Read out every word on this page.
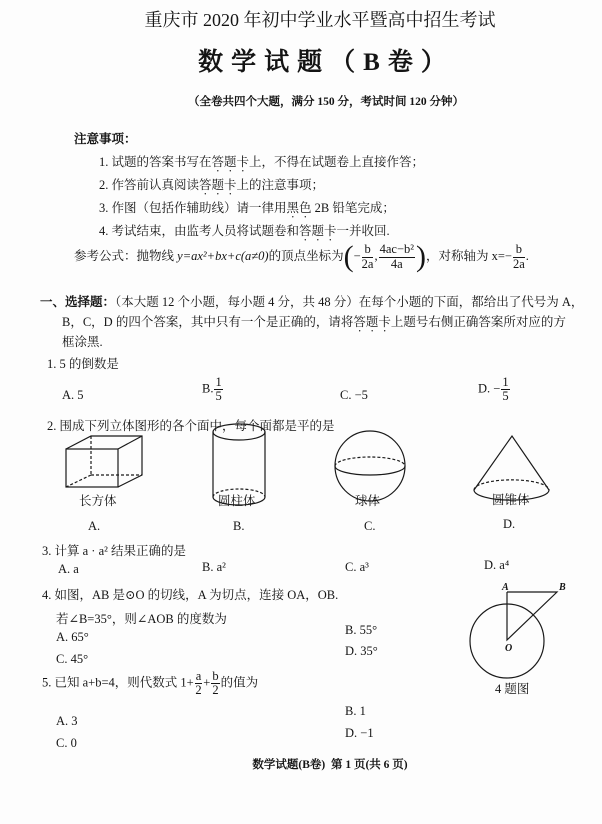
重庆市 2020 年初中学业水平暨高中招生考试
数学试题（B卷）
（全卷共四个大题，满分 150 分，考试时间 120 分钟）
注意事项：
1. 试题的答案书写在答题卡上，不得在试题卷上直接作答；
2. 作答前认真阅读答题卡上的注意事项；
3. 作图（包括作辅助线）请一律用黑色 2B 铅笔完成；
4. 考试结束，由监考人员将试题卷和答题卡一并收回.
参考公式：抛物线 y=ax²+bx+c(a≠0)的顶点坐标为(− $\frac{b}{2a}$ , $\frac{\text{4ac−b²}}{4a}$ )，对称轴为 $x=- \frac{b}{2a}$ .
一、选择题：（本大题 12 个小题，每小题 4 分，共 48 分）在每个小题的下面，都给出了代号为 A，
B，C，D 的四个答案，其中只有一个是正确的，请将答题卡上题号右侧正确答案所对应的方
框涂黑.
1. 5 的倒数是
A. 5	B. $\frac{1}{5}$	C. −5	D. − $\frac{1}{5}$
2. 围成下列立体图形的各个面中，每个面都是平的是
长方体	圆柱体	球体	圆锥体
A.	B.	C.	D.
3. 计算 a · a² 结果正确的是
A. a	B. a²	C. a³	D. a⁴
4. 如图，AB 是⊙O 的切线，A 为切点，连接 OA，OB.
若∠B=35°，则∠AOB 的度数为
A. 65°	B. 55°
C. 45°
D. 35°
A	B
O
4 题图
5. 已知 a+b=4，则代数式 $1+ \frac{a}{2} + \frac{b}{2}$ 的值为
A. 3
B. 1
C. 0
D. −1
数学试题(B卷)  第 1 页(共 6 页)
